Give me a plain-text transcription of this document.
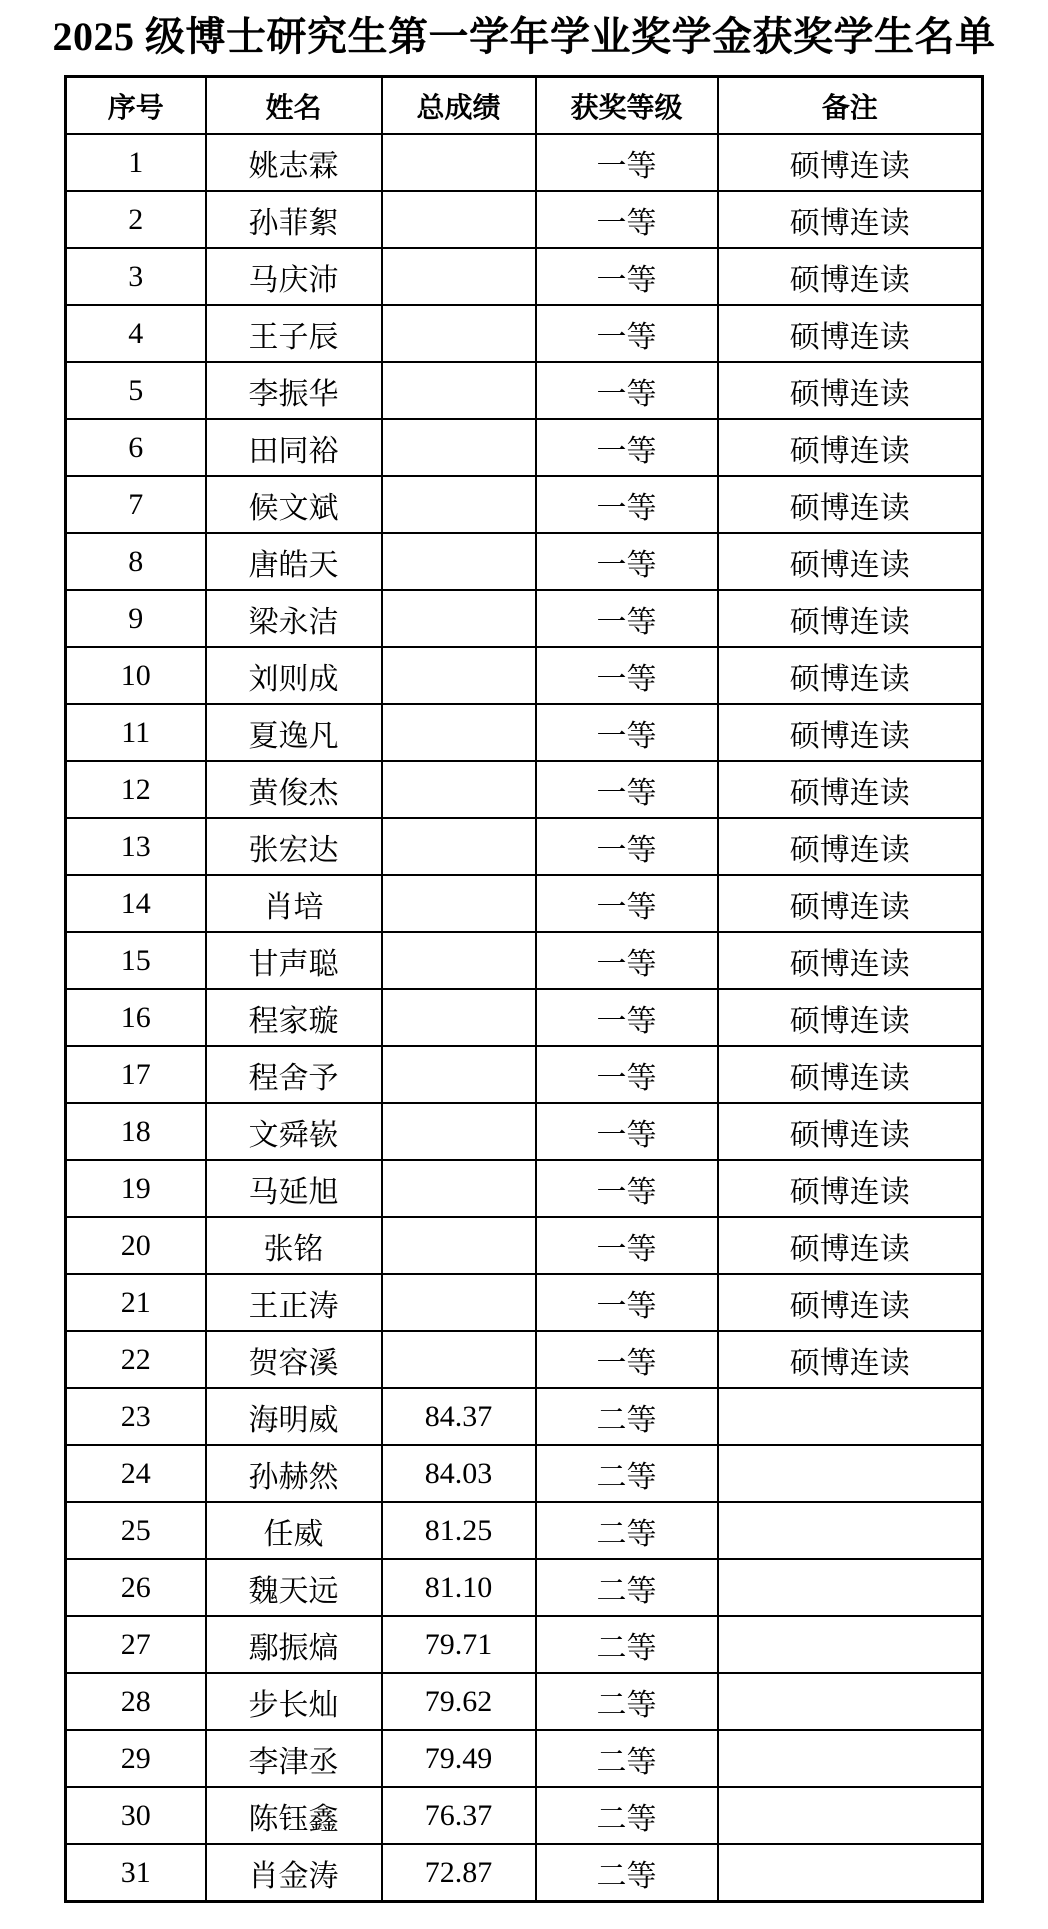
2025 级博士研究生第一学年学业奖学金获奖学生名单
序号	姓名	总成绩	获奖等级	备注
1	姚志霖		一等	硕博连读
2	孙菲絮		一等	硕博连读
3	马庆沛		一等	硕博连读
4	王子辰		一等	硕博连读
5	李振华		一等	硕博连读
6	田同裕		一等	硕博连读
7	候文斌		一等	硕博连读
8	唐皓天		一等	硕博连读
9	梁永洁		一等	硕博连读
10	刘则成		一等	硕博连读
11	夏逸凡		一等	硕博连读
12	黄俊杰		一等	硕博连读
13	张宏达		一等	硕博连读
14	肖培		一等	硕博连读
15	甘声聪		一等	硕博连读
16	程家璇		一等	硕博连读
17	程舍予		一等	硕博连读
18	文舜嵚		一等	硕博连读
19	马延旭		一等	硕博连读
20	张铭		一等	硕博连读
21	王正涛		一等	硕博连读
22	贺容溪		一等	硕博连读
23	海明威	84.37	二等	
24	孙赫然	84.03	二等	
25	任威	81.25	二等	
26	魏天远	81.10	二等	
27	鄢振熇	79.71	二等	
28	步长灿	79.62	二等	
29	李津丞	79.49	二等	
30	陈钰鑫	76.37	二等	
31	肖金涛	72.87	二等	
